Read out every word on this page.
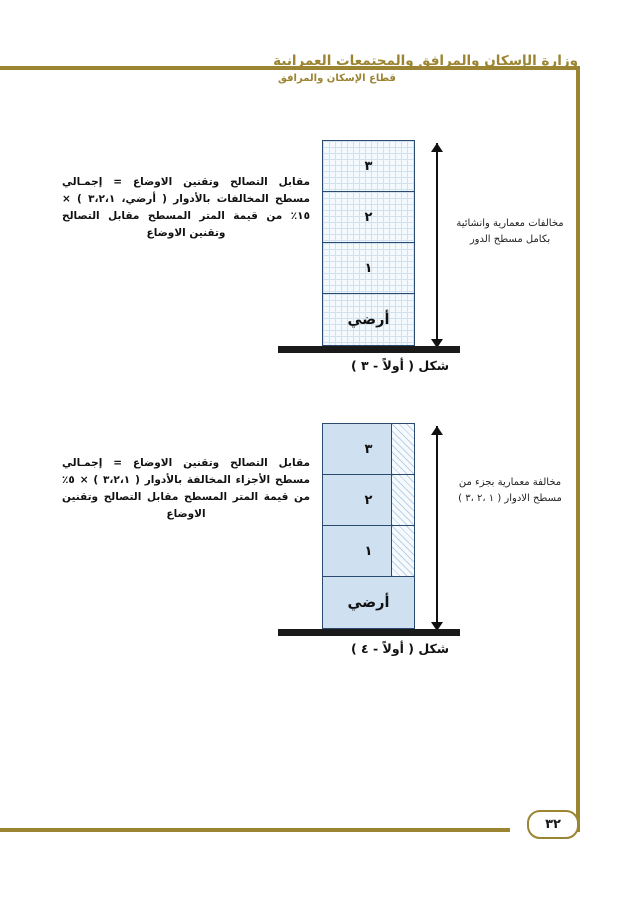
وزارة الإسكان والمرافق والمجتمعات العمرانية
قطاع الإسكان والمرافق
مقابل التصالح وتقنين الاوضاع = إجمـالي مسطح المخالفات بالأدوار ( أرضي، ٣،٢،١ ) × ١٥٪ من قيمة المتر المسطح مقابل التصالح وتقنين الاوضاع
٣
٢
١
أرضي
مخالفات معمارية وانشائية بكامل مسطح الدور
شكل ( أولاً - ٣ )
مقابل التصالح وتقنين الاوضاع = إجمـالي مسطح الأجزاء المخالفة بالأدوار ( ٣،٢،١ ) × ٥٪ من قيمة المتر المسطح مقابل التصالح وتقنين الاوضاع
٣
٢
١
أرضي
مخالفة معمارية بجزء من مسطح الادوار ( ١ ،٢ ،٣ )
شكل ( أولاً - ٤ )
٣٢
